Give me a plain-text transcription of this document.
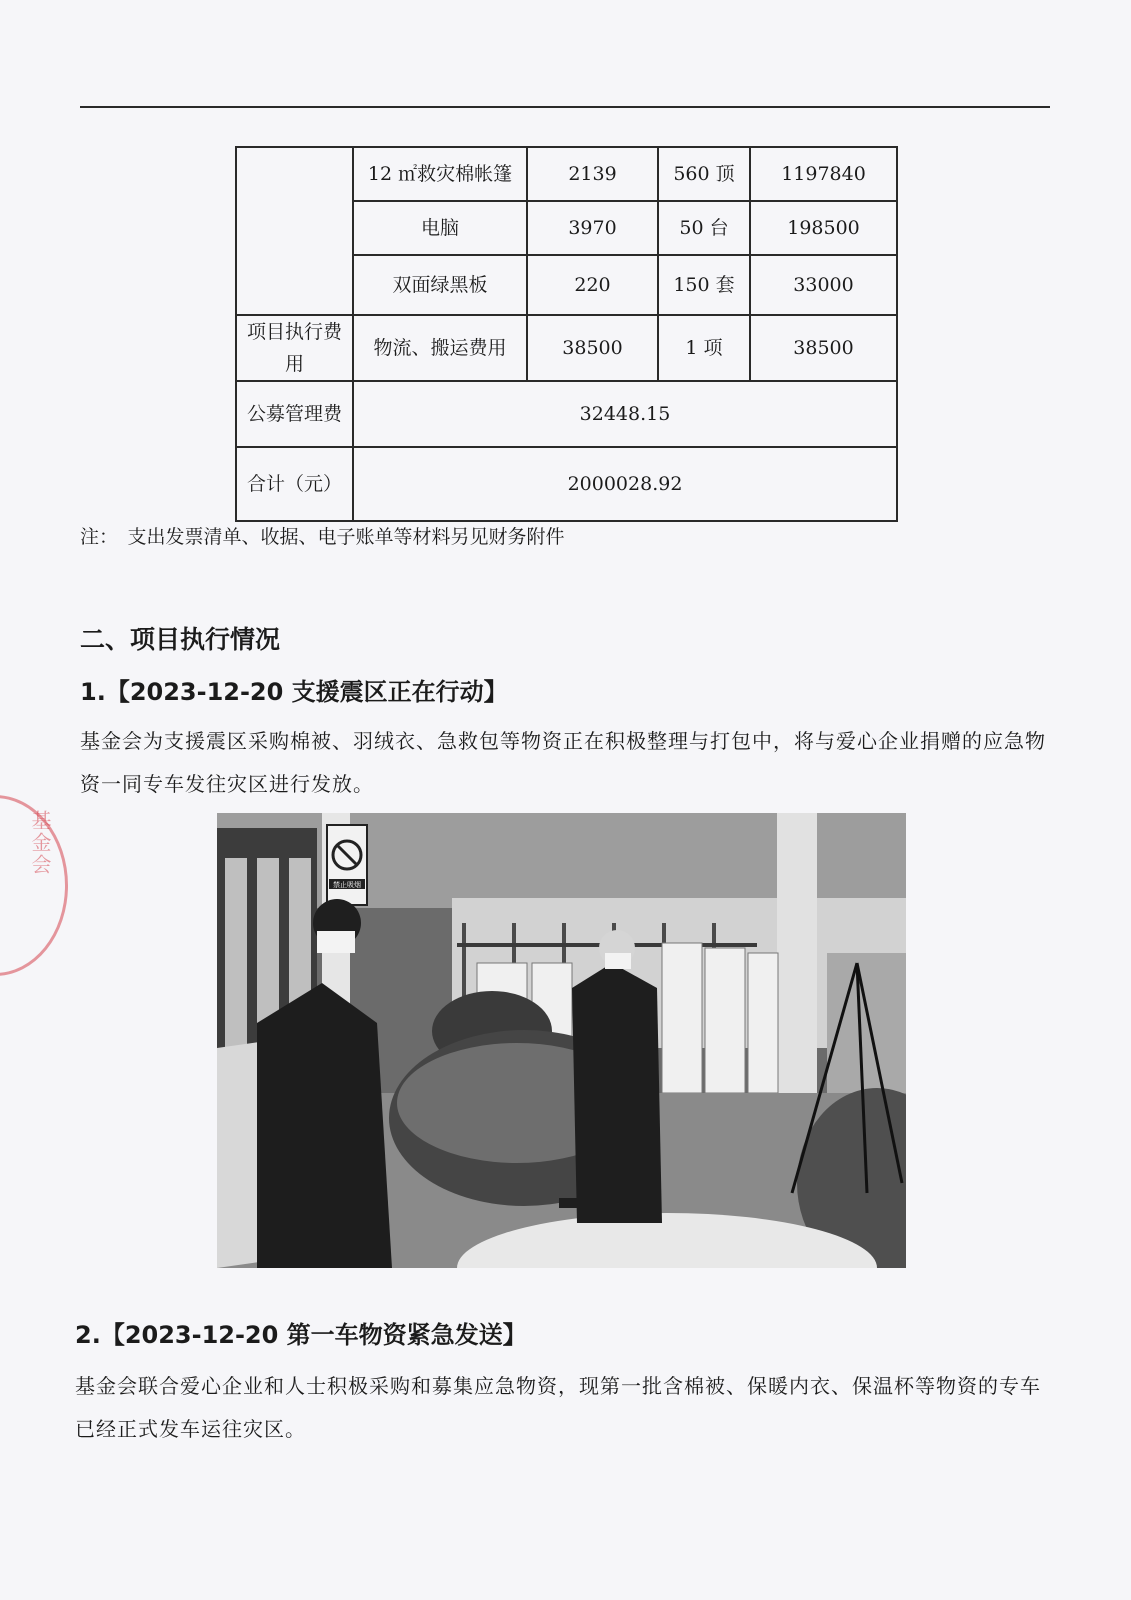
基金会
	12 ㎡救灾棉帐篷	2139	560 顶	1197840
	电脑	3970	50 台	198500
	双面绿黑板	220	150 套	33000
项目执行费用	物流、搬运费用	38500	1 项	38500
公募管理费	32448.15			
合计（元）	2000028.92			
注：　支出发票清单、收据、电子账单等材料另见财务附件
二、项目执行情况
1.【2023-12-20 支援震区正在行动】
基金会为支援震区采购棉被、羽绒衣、急救包等物资正在积极整理与打包中，将与爱心企业捐赠的应急物资一同专车发往灾区进行发放。
禁止吸烟
2.【2023-12-20 第一车物资紧急发送】
基金会联合爱心企业和人士积极采购和募集应急物资，现第一批含棉被、保暖内衣、保温杯等物资的专车已经正式发车运往灾区。
